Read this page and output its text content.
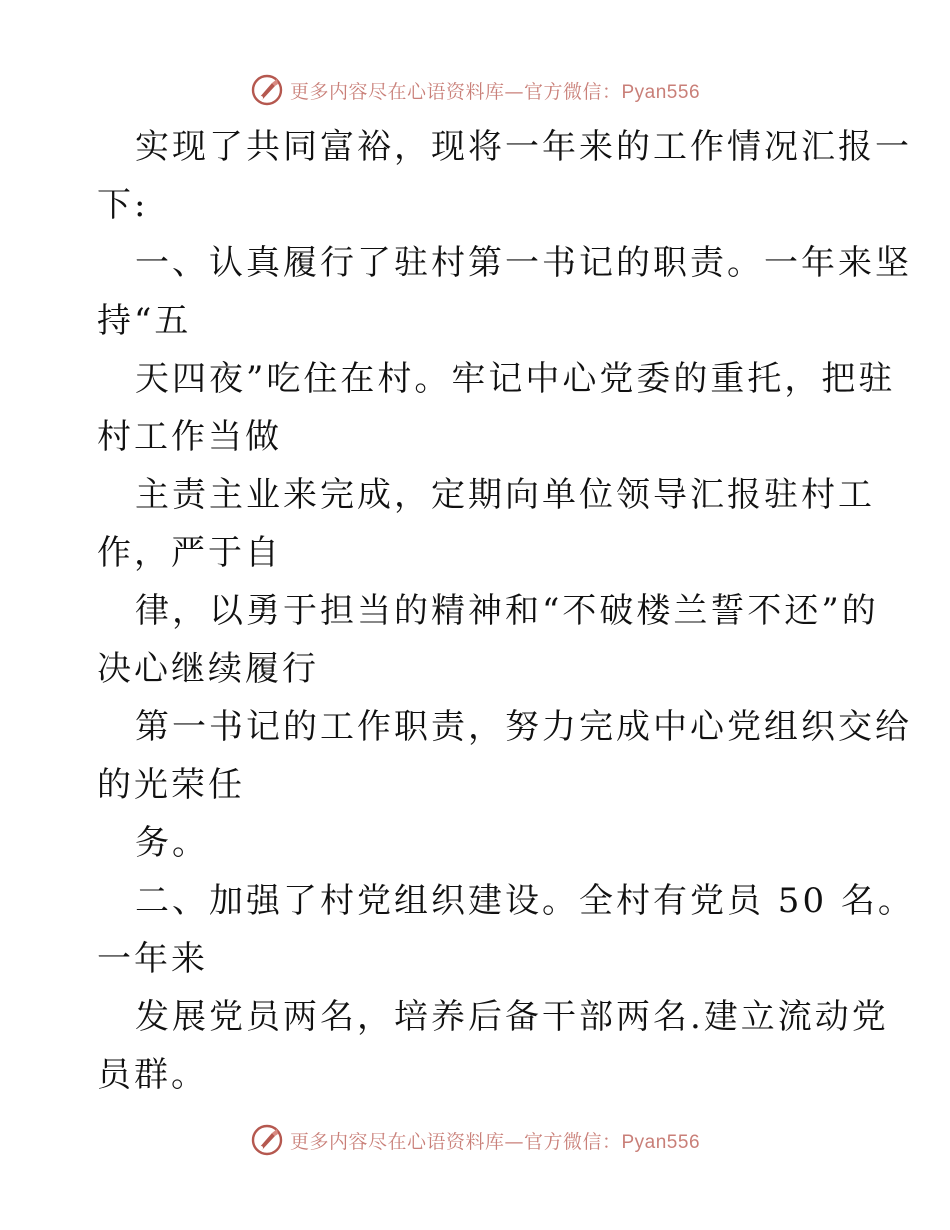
更多内容尽在心语资料库—官方微信：Pyan556
实现了共同富裕，现将一年来的工作情况汇报一
下:
一、认真履行了驻村第一书记的职责。一年来坚
持“五
天四夜”吃住在村。牢记中心党委的重托，把驻
村工作当做
主责主业来完成，定期向单位领导汇报驻村工
作，严于自
律，以勇于担当的精神和“不破楼兰誓不还”的
决心继续履行
第一书记的工作职责，努力完成中心党组织交给
的光荣任
务。
二、加强了村党组织建设。全村有党员 50 名。
一年来
发展党员两名，培养后备干部两名.建立流动党
员群。
更多内容尽在心语资料库—官方微信：Pyan556
